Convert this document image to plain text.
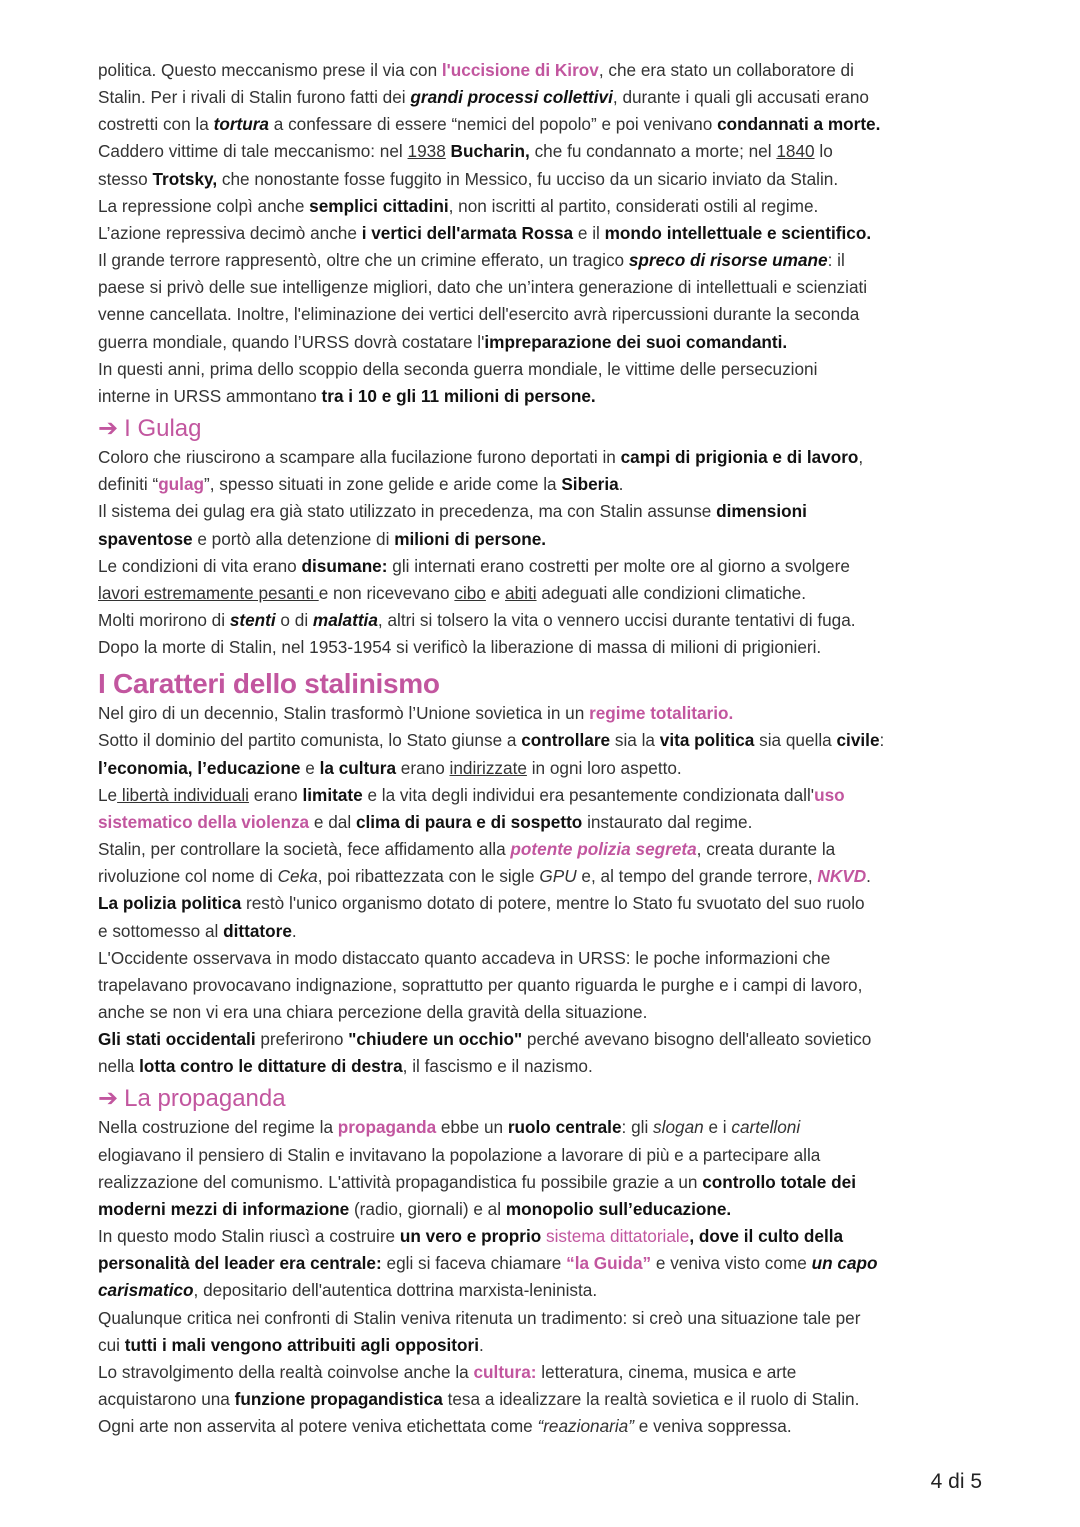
politica. Questo meccanismo prese il via con l'uccisione di Kirov, che era stato un collaboratore di
Stalin. Per i rivali di Stalin furono fatti dei grandi processi collettivi, durante i quali gli accusati erano
costretti con la tortura a confessare di essere “nemici del popolo” e poi venivano condannati a morte.
Caddero vittime di tale meccanismo: nel 1938 Bucharin, che fu condannato a morte; nel 1840 lo
stesso Trotsky, che nonostante fosse fuggito in Messico, fu ucciso da un sicario inviato da Stalin.
La repressione colpì anche semplici cittadini, non iscritti al partito, considerati ostili al regime.
L’azione repressiva decimò anche i vertici dell'armata Rossa e il mondo intellettuale e scientifico.
Il grande terrore rappresentò, oltre che un crimine efferato, un tragico spreco di risorse umane: il
paese si privò delle sue intelligenze migliori, dato che un’intera generazione di intellettuali e scienziati
venne cancellata. Inoltre, l'eliminazione dei vertici dell'esercito avrà ripercussioni durante la seconda
guerra mondiale, quando l’URSS dovrà costatare l'impreparazione dei suoi comandanti.
In questi anni, prima dello scoppio della seconda guerra mondiale, le vittime delle persecuzioni
interne in URSS ammontano tra i 10 e gli 11 milioni di persone.

➔ I Gulag

Coloro che riuscirono a scampare alla fucilazione furono deportati in campi di prigionia e di lavoro,
definiti “gulag”, spesso situati in zone gelide e aride come la Siberia.
Il sistema dei gulag era già stato utilizzato in precedenza, ma con Stalin assunse dimensioni
spaventose e portò alla detenzione di milioni di persone.
Le condizioni di vita erano disumane: gli internati erano costretti per molte ore al giorno a svolgere
lavori estremamente pesanti e non ricevevano cibo e abiti adeguati alle condizioni climatiche.
Molti morirono di stenti o di malattia, altri si tolsero la vita o vennero uccisi durante tentativi di fuga.
Dopo la morte di Stalin, nel 1953-1954 si verificò la liberazione di massa di milioni di prigionieri.

I Caratteri dello stalinismo

Nel giro di un decennio, Stalin trasformò l’Unione sovietica in un regime totalitario.
Sotto il dominio del partito comunista, lo Stato giunse a controllare sia la vita politica sia quella civile:
l’economia, l’educazione e la cultura erano indirizzate in ogni loro aspetto.
Le libertà individuali erano limitate e la vita degli individui era pesantemente condizionata dall'uso
sistematico della violenza e dal clima di paura e di sospetto instaurato dal regime.
Stalin, per controllare la società, fece affidamento alla potente polizia segreta, creata durante la
rivoluzione col nome di Ceka, poi ribattezzata con le sigle GPU e, al tempo del grande terrore, NKVD.
La polizia politica restò l'unico organismo dotato di potere, mentre lo Stato fu svuotato del suo ruolo
e sottomesso al dittatore.
L'Occidente osservava in modo distaccato quanto accadeva in URSS: le poche informazioni che
trapelavano provocavano indignazione, soprattutto per quanto riguarda le purghe e i campi di lavoro,
anche se non vi era una chiara percezione della gravità della situazione.
Gli stati occidentali preferirono "chiudere un occhio" perché avevano bisogno dell'alleato sovietico
nella lotta contro le dittature di destra, il fascismo e il nazismo.

➔ La propaganda

Nella costruzione del regime la propaganda ebbe un ruolo centrale: gli slogan e i cartelloni
elogiavano il pensiero di Stalin e invitavano la popolazione a lavorare di più e a partecipare alla
realizzazione del comunismo. L'attività propagandistica fu possibile grazie a un controllo totale dei
moderni mezzi di informazione (radio, giornali) e al monopolio sull’educazione.
In questo modo Stalin riuscì a costruire un vero e proprio sistema dittatoriale, dove il culto della
personalità del leader era centrale: egli si faceva chiamare “la Guida” e veniva visto come un capo
carismatico, depositario dell'autentica dottrina marxista-leninista.
Qualunque critica nei confronti di Stalin veniva ritenuta un tradimento: si creò una situazione tale per
cui tutti i mali vengono attribuiti agli oppositori.
Lo stravolgimento della realtà coinvolse anche la cultura: letteratura, cinema, musica e arte
acquistarono una funzione propagandistica tesa a idealizzare la realtà sovietica e il ruolo di Stalin.
Ogni arte non asservita al potere veniva etichettata come “reazionaria” e veniva soppressa.

4 di 5
